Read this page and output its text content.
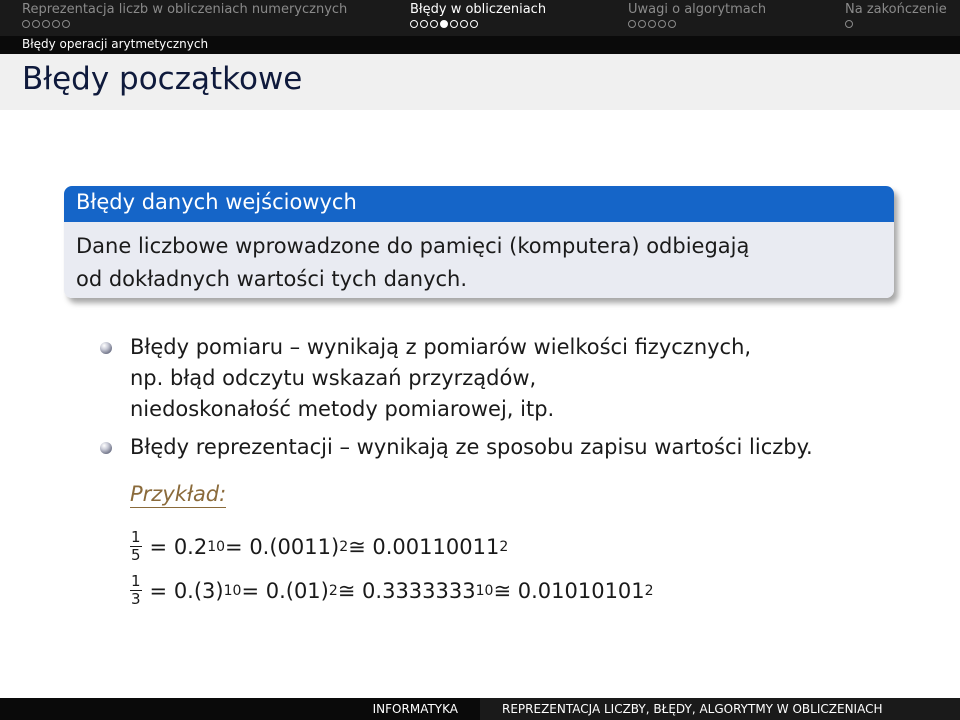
Reprezentacja liczb w obliczeniach numerycznych	Błędy w obliczeniach	Uwagi o algorytmach	Na zakończenie
Błędy operacji arytmetycznych
Błędy początkowe
Błędy danych wejściowych
Dane liczbowe wprowadzone do pamięci (komputera) odbiegają
od dokładnych wartości tych danych.
Błędy pomiaru – wynikają z pomiarów wielkości fizycznych,
np. błąd odczytu wskazań przyrządów,
niedoskonałość metody pomiarowej, itp.
Błędy reprezentacji – wynikają ze sposobu zapisu wartości liczby.
Przykład:
$\frac{1}{5} = 0.2$ 10 = 0.(0011) 2 ≅ 0.00110011 2
$\frac{1}{3} = 0.(3) 10 = 0.(01)$ 2 ≅ 0.3333333 10 ≅ 0.01010101 2
INFORMATYKA	REPREZENTACJA LICZBY, BŁĘDY, ALGORYTMY W OBLICZENIACH
